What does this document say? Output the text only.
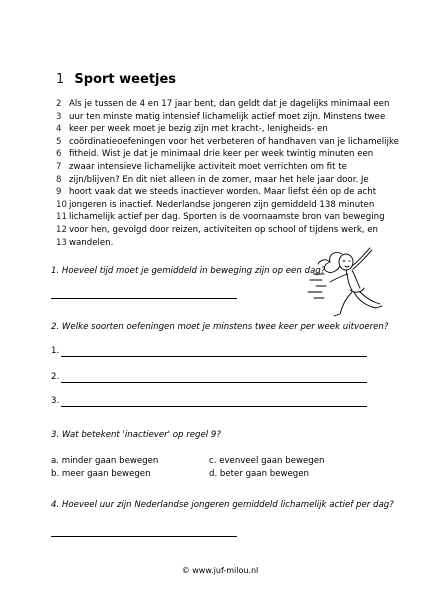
1 Sport weetjes
2 Als je tussen de 4 en 17 jaar bent, dan geldt dat je dagelijks minimaal een
3 uur ten minste matig intensief lichamelijk actief moet zijn. Minstens twee
4 keer per week moet je bezig zijn met kracht-, lenigheids- en
5 coördinatieoefeningen voor het verbeteren of handhaven van je lichamelijke
6 fitheid. Wist je dat je minimaal drie keer per week twintig minuten een
7 zwaar intensieve lichamelijke activiteit moet verrichten om fit te
8 zijn/blijven? En dit niet alleen in de zomer, maar het hele jaar door. Je
9 hoort vaak dat we steeds inactiever worden. Maar liefst één op de acht
10 jongeren is inactief. Nederlandse jongeren zijn gemiddeld 138 minuten
11 lichamelijk actief per dag. Sporten is de voornaamste bron van beweging
12 voor hen, gevolgd door reizen, activiteiten op school of tijdens werk, en
13 wandelen.
1. Hoeveel tijd moet je gemiddeld in beweging zijn op een dag?
2. Welke soorten oefeningen moet je minstens twee keer per week uitvoeren?
1.
2.
3.
3. Wat betekent 'inactiever' op regel 9?
a. minder gaan bewegen
b. meer gaan bewegen
c. evenveel gaan bewegen
d. beter gaan bewegen
4. Hoeveel uur zijn Nederlandse jongeren gemiddeld lichamelijk actief per dag?
© www.juf-milou.nl
